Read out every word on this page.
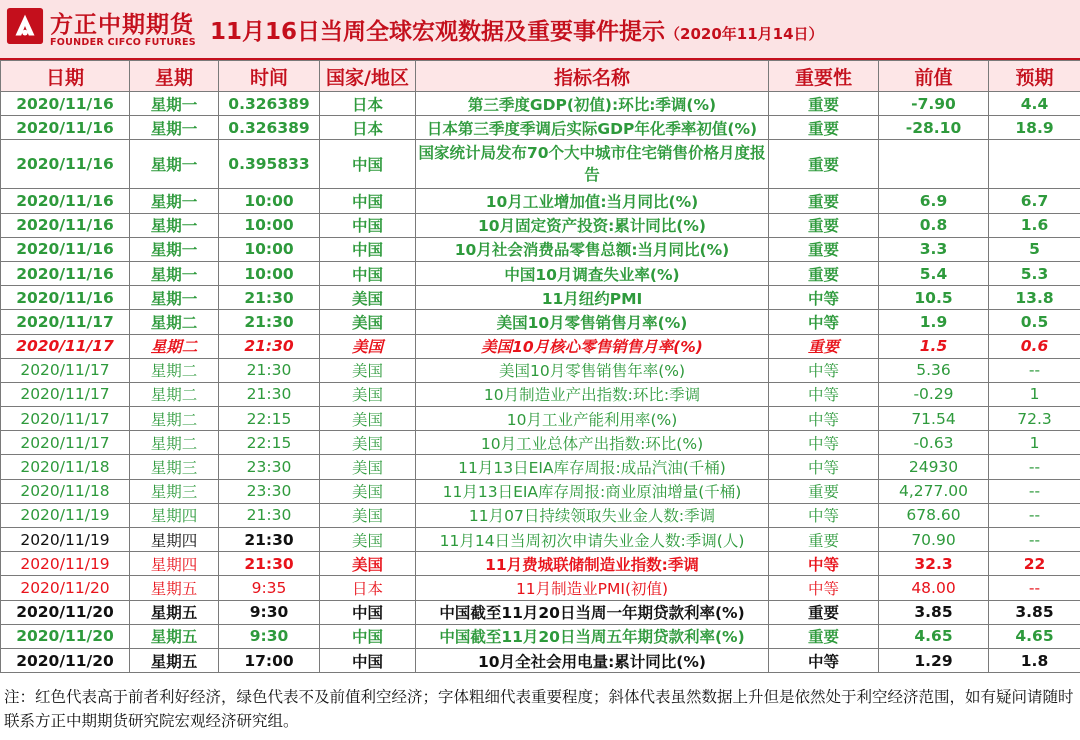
方正中期期货
FOUNDER CIFCO FUTURES 11月16日当周全球宏观数据及重要事件提示（2020年11月14日）
日期	星期	时间	国家/地区	指标名称	重要性	前值	预期
2020/11/16	星期一	0.326389	日本	第三季度GDP(初值):环比:季调(%)	重要	-7.90	4.4
2020/11/16	星期一	0.326389	日本	日本第三季度季调后实际GDP年化季率初值(%)	重要	-28.10	18.9
2020/11/16	星期一	0.395833	中国	国家统计局发布70个大中城市住宅销售价格月度报告	重要		
2020/11/16	星期一	10:00	中国	10月工业增加值:当月同比(%)	重要	6.9	6.7
2020/11/16	星期一	10:00	中国	10月固定资产投资:累计同比(%)	重要	0.8	1.6
2020/11/16	星期一	10:00	中国	10月社会消费品零售总额:当月同比(%)	重要	3.3	5
2020/11/16	星期一	10:00	中国	中国10月调查失业率(%)	重要	5.4	5.3
2020/11/16	星期一	21:30	美国	11月纽约PMI	中等	10.5	13.8
2020/11/17	星期二	21:30	美国	美国10月零售销售月率(%)	中等	1.9	0.5
2020/11/17	星期二	21:30	美国	美国10月核心零售销售月率(%)	重要	1.5	0.6
2020/11/17	星期二	21:30	美国	美国10月零售销售年率(%)	中等	5.36	--
2020/11/17	星期二	21:30	美国	10月制造业产出指数:环比:季调	中等	-0.29	1
2020/11/17	星期二	22:15	美国	10月工业产能利用率(%)	中等	71.54	72.3
2020/11/17	星期二	22:15	美国	10月工业总体产出指数:环比(%)	中等	-0.63	1
2020/11/18	星期三	23:30	美国	11月13日EIA库存周报:成品汽油(千桶)	中等	24930	--
2020/11/18	星期三	23:30	美国	11月13日EIA库存周报:商业原油增量(千桶)	重要	4,277.00	--
2020/11/19	星期四	21:30	美国	11月07日持续领取失业金人数:季调	中等	678.60	--
2020/11/19	星期四	21:30	美国	11月14日当周初次申请失业金人数:季调(人)	重要	70.90	--
2020/11/19	星期四	21:30	美国	11月费城联储制造业指数:季调	中等	32.3	22
2020/11/20	星期五	9:35	日本	11月制造业PMI(初值)	中等	48.00	--
2020/11/20	星期五	9:30	中国	中国截至11月20日当周一年期贷款利率(%)	重要	3.85	3.85
2020/11/20	星期五	9:30	中国	中国截至11月20日当周五年期贷款利率(%)	重要	4.65	4.65
2020/11/20	星期五	17:00	中国	10月全社会用电量:累计同比(%)	中等	1.29	1.8
注：红色代表高于前者利好经济，绿色代表不及前值利空经济；字体粗细代表重要程度；斜体代表虽然数据上升但是依然处于利空经济范围，如有疑问请随时联系方正中期期货研究院宏观经济研究组。
